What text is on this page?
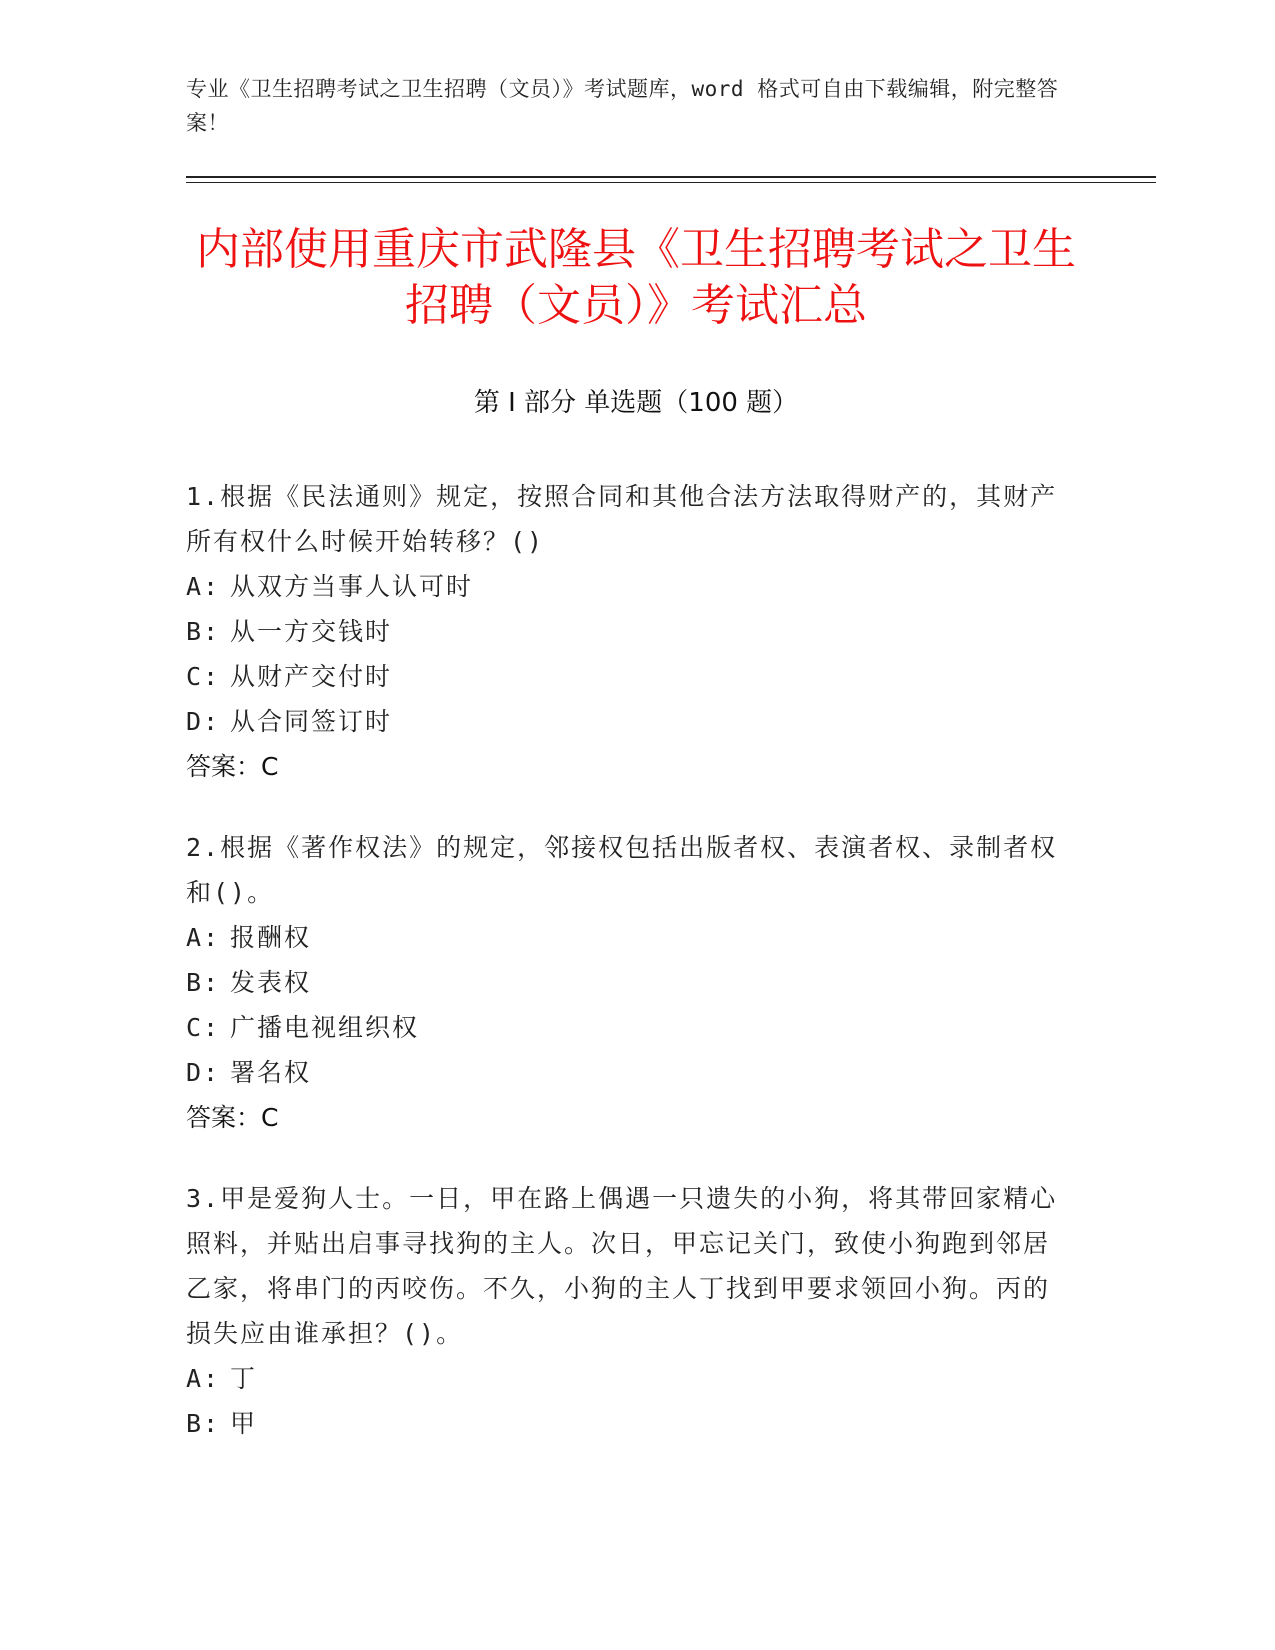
专业《卫生招聘考试之卫生招聘（文员）》考试题库，word 格式可自由下载编辑，附完整答案！
内部使用重庆市武隆县《卫生招聘考试之卫生招聘（文员）》考试汇总
第 I 部分 单选题（100 题）

1.根据《民法通则》规定，按照合同和其他合法方法取得财产的，其财产所有权什么时候开始转移？()

A: 从双方当事人认可时

B: 从一方交钱时

C: 从财产交付时

D: 从合同签订时

答案：C

2.根据《著作权法》的规定，邻接权包括出版者权、表演者权、录制者权和()。

A: 报酬权

B: 发表权

C: 广播电视组织权

D: 署名权

答案：C

3.甲是爱狗人士。一日，甲在路上偶遇一只遗失的小狗，将其带回家精心照料，并贴出启事寻找狗的主人。次日，甲忘记关门，致使小狗跑到邻居乙家，将串门的丙咬伤。不久，小狗的主人丁找到甲要求领回小狗。丙的损失应由谁承担？()。

A: 丁

B: 甲
